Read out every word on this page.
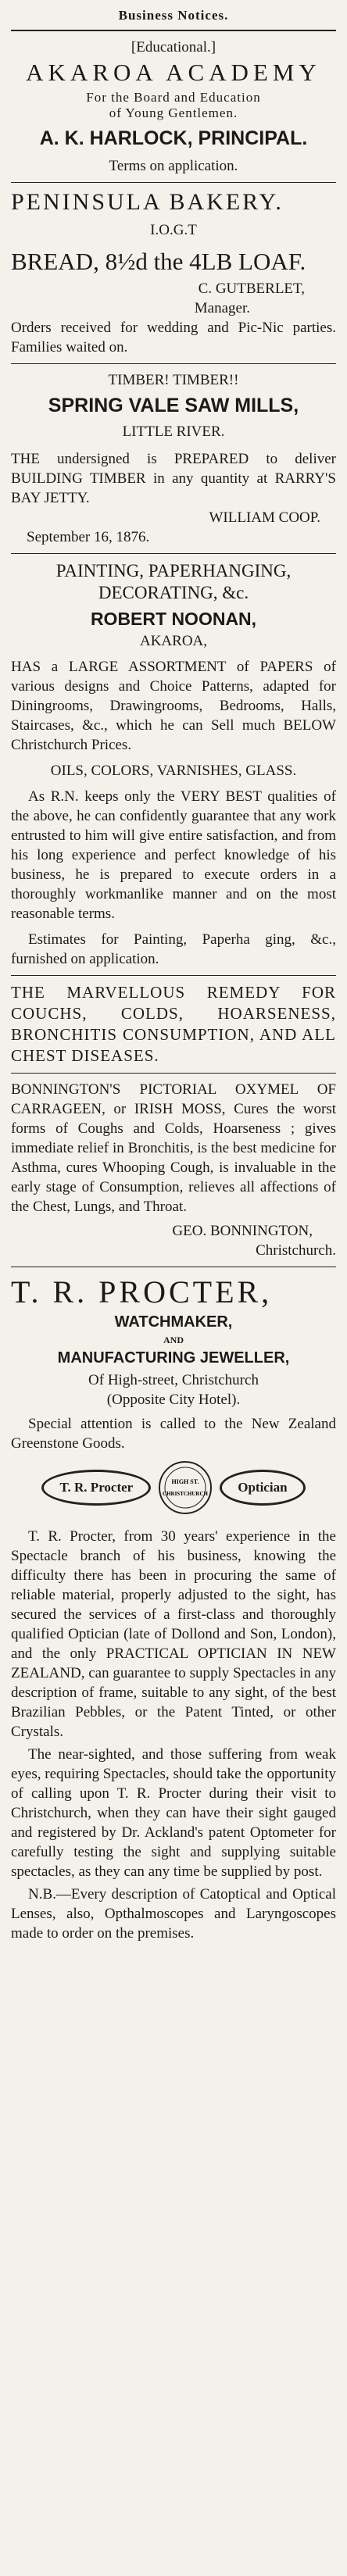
Business Notices.

[Educational.]

AKAROA ACADEMY

For the Board and Education

of Young Gentlemen.

A. K. HARLOCK, PRINCIPAL.

Terms on application.

PENINSULA BAKERY.

I.O.G.T

BREAD, 8½d the 4LB LOAF.

C. GUTBERLET,

Manager.

Orders received for wedding and Pic-Nic parties. Families waited on.

TIMBER! TIMBER!!

SPRING VALE SAW MILLS,

LITTLE RIVER.

THE undersigned is PREPARED to deliver BUILDING TIMBER in any quantity at RARRY'S BAY JETTY.

WILLIAM COOP.

September 16, 1876.

PAINTING, PAPERHANGING, DECORATING, &c.

ROBERT NOONAN,

AKAROA,

HAS a LARGE ASSORTMENT of PAPERS of various designs and Choice Patterns, adapted for Diningrooms, Drawingrooms, Bedrooms, Halls, Staircases, &c., which he can Sell much BELOW Christchurch Prices.

OILS, COLORS, VARNISHES, GLASS.

As R.N. keeps only the VERY BEST qualities of the above, he can confidently guarantee that any work entrusted to him will give entire satisfaction, and from his long experience and perfect knowledge of his business, he is prepared to execute orders in a thoroughly workmanlike manner and on the most reasonable terms.

Estimates for Painting, Paperha ging, &c., furnished on application.

THE MARVELLOUS REMEDY FOR COUCHS, COLDS, HOARSENESS, BRONCHITIS CONSUMPTION, AND ALL CHEST DISEASES.

BONNINGTON'S PICTORIAL OXYMEL OF CARRAGEEN, or IRISH MOSS, Cures the worst forms of Coughs and Colds, Hoarseness ; gives immediate relief in Bronchitis, is the best medicine for Asthma, cures Whooping Cough, is invaluable in the early stage of Consumption, relieves all affections of the Chest, Lungs, and Throat.

GEO. BONNINGTON,

Christchurch.

T. R. PROCTER,

WATCHMAKER,

AND

MANUFACTURING JEWELLER,

Of High-street, Christchurch

(Opposite City Hotel).

Special attention is called to the New Zealand Greenstone Goods.

T. R. Procter	HIGH ST.
CHRISTCHURCH	Optician

T. R. Procter, from 30 years' experience in the Spectacle branch of his business, knowing the difficulty there has been in procuring the same of reliable material, properly adjusted to the sight, has secured the services of a first-class and thoroughly qualified Optician (late of Dollond and Son, London), and the only PRACTICAL OPTICIAN IN NEW ZEALAND, can guarantee to supply Spectacles in any description of frame, suitable to any sight, of the best Brazilian Pebbles, or the Patent Tinted, or other Crystals.

The near-sighted, and those suffering from weak eyes, requiring Spectacles, should take the opportunity of calling upon T. R. Procter during their visit to Christchurch, when they can have their sight gauged and registered by Dr. Ackland's patent Optometer for carefully testing the sight and supplying suitable spectacles, as they can any time be supplied by post.

N.B.—Every description of Catoptical and Optical Lenses, also, Opthalmoscopes and Laryngoscopes made to order on the premises.
